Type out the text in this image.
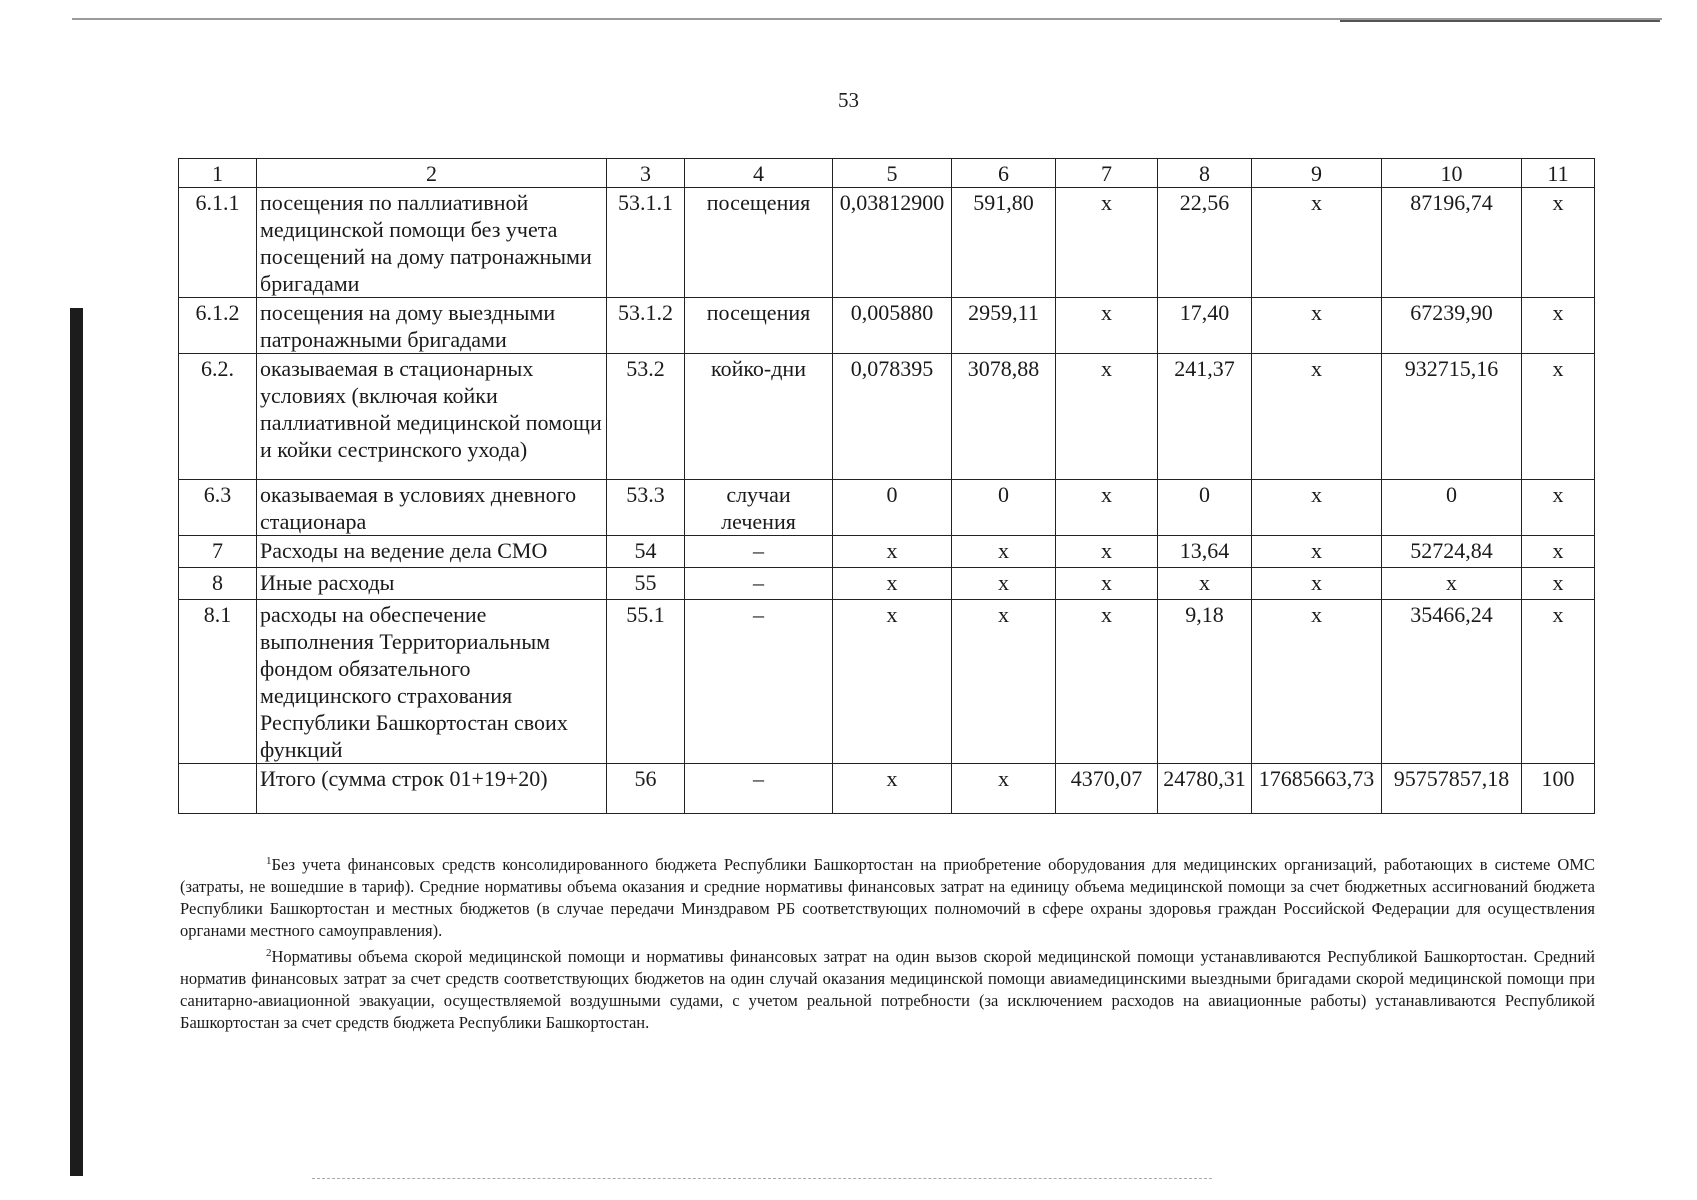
53
1	2	3	4	5	6	7	8	9	10	11
6.1.1	посещения по паллиативной медицинской помощи без учета посещений на дому патронажными бригадами	53.1.1	посещения	0,03812900	591,80	х	22,56	х	87196,74	х
6.1.2	посещения на дому выездными патронажными бригадами	53.1.2	посещения	0,005880	2959,11	х	17,40	х	67239,90	х
6.2.	оказываемая в стационарных условиях (включая койки паллиативной медицинской помощи и койки сестринского ухода)	53.2	койко-дни	0,078395	3078,88	х	241,37	х	932715,16	х
6.3	оказываемая в условиях дневного стационара	53.3	случаи лечения	0	0	х	0	х	0	х
7	Расходы на ведение дела СМО	54	–	х	х	х	13,64	х	52724,84	х
8	Иные расходы	55	–	х	х	х	х	х	х	х
8.1	расходы на обеспечение выполнения Территориальным фондом обязательного медицинского страхования Республики Башкортостан своих функций	55.1	–	х	х	х	9,18	х	35466,24	х
	Итого (сумма строк 01+19+20)	56	–	х	х	4370,07	24780,31	17685663,73	95757857,18	100

$^1$Без учета финансовых средств консолидированного бюджета Республики Башкортостан на приобретение оборудования для медицинских организаций, работающих в системе ОМС (затраты, не вошедшие в тариф). Средние нормативы объема оказания и средние нормативы финансовых затрат на единицу объема медицинской помощи за счет бюджетных ассигнований бюджета Республики Башкортостан и местных бюджетов (в случае передачи Минздравом РБ соответствующих полномочий в сфере охраны здоровья граждан Российской Федерации для осуществления органами местного самоуправления).

$^2$Нормативы объема скорой медицинской помощи и нормативы финансовых затрат на один вызов скорой медицинской помощи устанавливаются Республикой Башкортостан. Средний норматив финансовых затрат за счет средств соответствующих бюджетов на один случай оказания медицинской помощи авиамедицинскими выездными бригадами скорой медицинской помощи при санитарно-авиационной эвакуации, осуществляемой воздушными судами, с учетом реальной потребности (за исключением расходов на авиационные работы) устанавливаются Республикой Башкортостан за счет средств бюджета Республики Башкортостан.
